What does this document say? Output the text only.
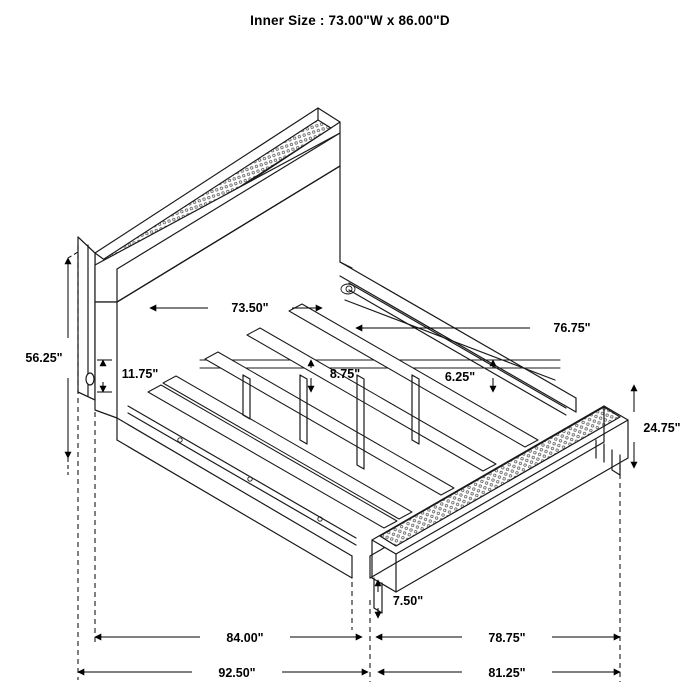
Inner Size : 73.00"W x 86.00"D
73.50"
56.25"
11.75"	8.75"	6.25"
76.75"
24.75"
7.50"
84.00"	78.75"
92.50"	81.25"
